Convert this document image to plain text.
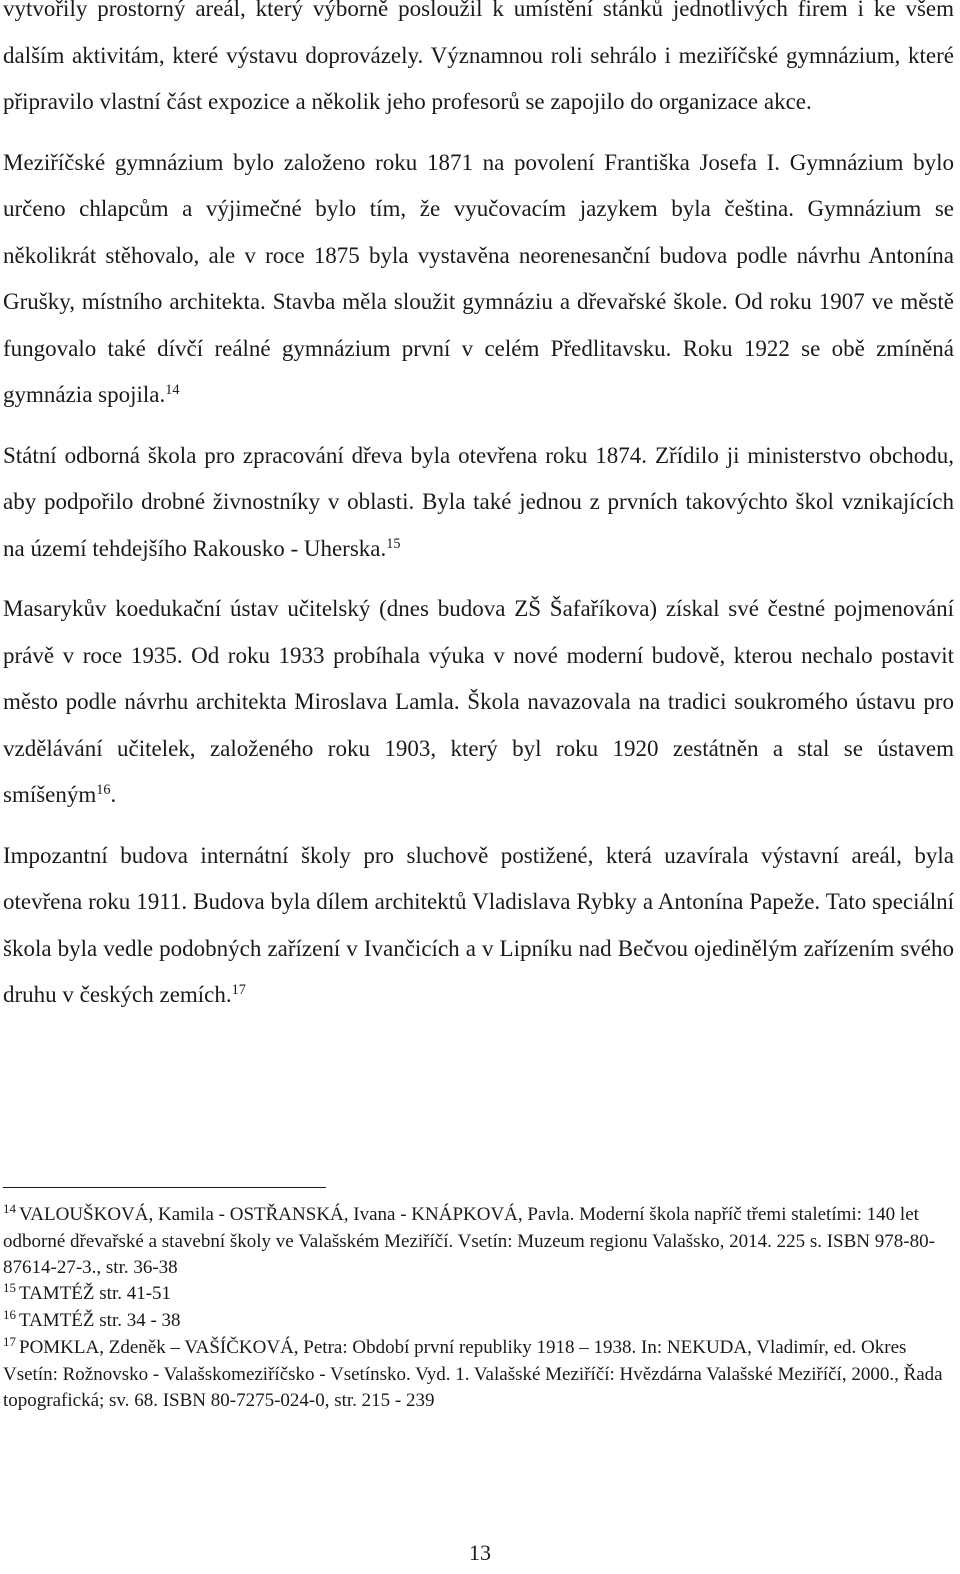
vytvořily prostorný areál, který výborně posloužil k umístění stánků jednotlivých firem i ke všem dalším aktivitám, které výstavu doprovázely. Významnou roli sehrálo i meziříčské gymnázium, které připravilo vlastní část expozice a několik jeho profesorů se zapojilo do organizace akce.

Meziříčské gymnázium bylo založeno roku 1871 na povolení Františka Josefa I. Gymnázium bylo určeno chlapcům a výjimečné bylo tím, že vyučovacím jazykem byla čeština. Gymnázium se několikrát stěhovalo, ale v roce 1875 byla vystavěna neorenesanční budova podle návrhu Antonína Grušky, místního architekta. Stavba měla sloužit gymnáziu a dřevařské škole. Od roku 1907 ve městě fungovalo také dívčí reálné gymnázium první v celém Předlitavsku. Roku 1922 se obě zmíněná gymnázia spojila.$^{14}$

Státní odborná škola pro zpracování dřeva byla otevřena roku 1874. Zřídilo ji ministerstvo obchodu, aby podpořilo drobné živnostníky v oblasti. Byla také jednou z prvních takovýchto škol vznikajících na území tehdejšího Rakousko - Uherska.$^{15}$

Masarykův koedukační ústav učitelský (dnes budova ZŠ Šafaříkova) získal své čestné pojmenování právě v roce 1935. Od roku 1933 probíhala výuka v nové moderní budově, kterou nechalo postavit město podle návrhu architekta Miroslava Lamla. Škola navazovala na tradici soukromého ústavu pro vzdělávání učitelek, založeného roku 1903, který byl roku 1920 zestátněn a stal se ústavem smíšeným$^{16}$.

Impozantní budova internátní školy pro sluchově postižené, která uzavírala výstavní areál, byla otevřena roku 1911. Budova byla dílem architektů Vladislava Rybky a Antonína Papeže. Tato speciální škola byla vedle podobných zařízení v Ivančicích a v Lipníku nad Bečvou ojedinělým zařízením svého druhu v českých zemích.$^{17}$

$^{14}$ VALOUŠKOVÁ, Kamila - OSTŘANSKÁ, Ivana - KNÁPKOVÁ, Pavla. Moderní škola napříč třemi staletími: 140 let odborné dřevařské a stavební školy ve Valašském Meziříčí. Vsetín: Muzeum regionu Valašsko, 2014. 225 s. ISBN 978-80-87614-27-3., str. 36-38

$^{15}$ TAMTÉŽ str. 41-51

$^{16}$ TAMTÉŽ str. 34 - 38

$^{17}$ POMKLA, Zdeněk – VAŠÍČKOVÁ, Petra: Období první republiky 1918 – 1938. In: NEKUDA, Vladimír, ed. Okres Vsetín: Rožnovsko - Valašskomeziříčsko - Vsetínsko. Vyd. 1. Valašské Meziříčí: Hvězdárna Valašské Meziříčí, 2000., Řada topografická; sv. 68. ISBN 80-7275-024-0, str. 215 - 239

13
